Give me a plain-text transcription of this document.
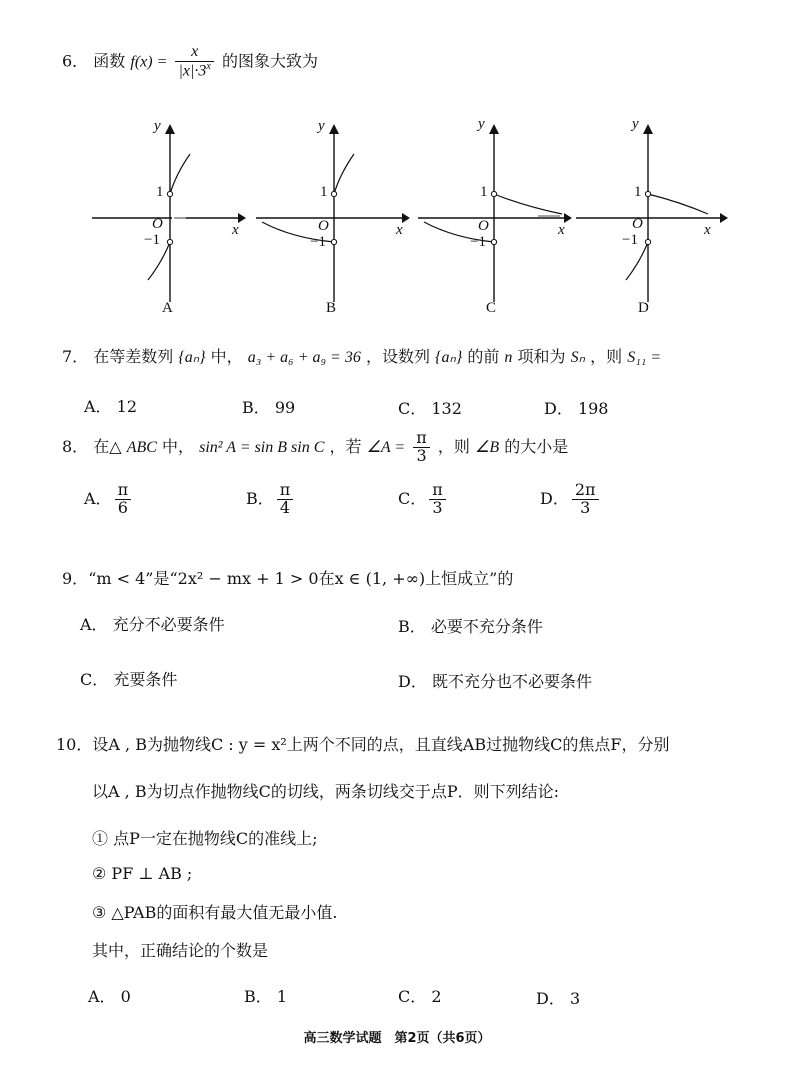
6． 函数 $f(x) = \frac{x}{|x|\cdot 3^x}$ 的图象大致为
y
x
O
1
−1
A
y
x
O
1
−1
B
y
x
O
1
−1
C
y
x
O
1
−1
D
7． 在等差数列 {aₙ} 中， a₃ + a₆ + a₉ = 36 ，设数列 {aₙ} 的前 n 项和为 Sₙ ，则 S₁₁ =
A． 12	B． 99	C． 132	D． 198
8． 在△ ABC 中， sin² A = sin B sin C ，若 ∠A = $\frac{\pi}{3}$ ，则 ∠B 的大小是
A． $\frac{\pi}{6}$	B． $\frac{\pi}{4}$	C． $\frac{\pi}{3}$	D． $\frac{2\pi}{3}$
9．“m < 4”是“2x² − mx + 1 > 0在x ∈ (1, +∞)上恒成立”的
A． 充分不必要条件	B． 必要不充分条件
C． 充要条件	D． 既不充分也不必要条件
10．设A , B为抛物线C : y = x²上两个不同的点，且直线AB过抛物线C的焦点F，分别
以A , B为切点作抛物线C的切线，两条切线交于点P．则下列结论:
① 点P一定在抛物线C的准线上;
② PF ⊥ AB ;
③ △PAB的面积有最大值无最小值.
其中，正确结论的个数是
A． 0	B． 1	C． 2	D． 3
高三数学试题　第2页（共6页）
